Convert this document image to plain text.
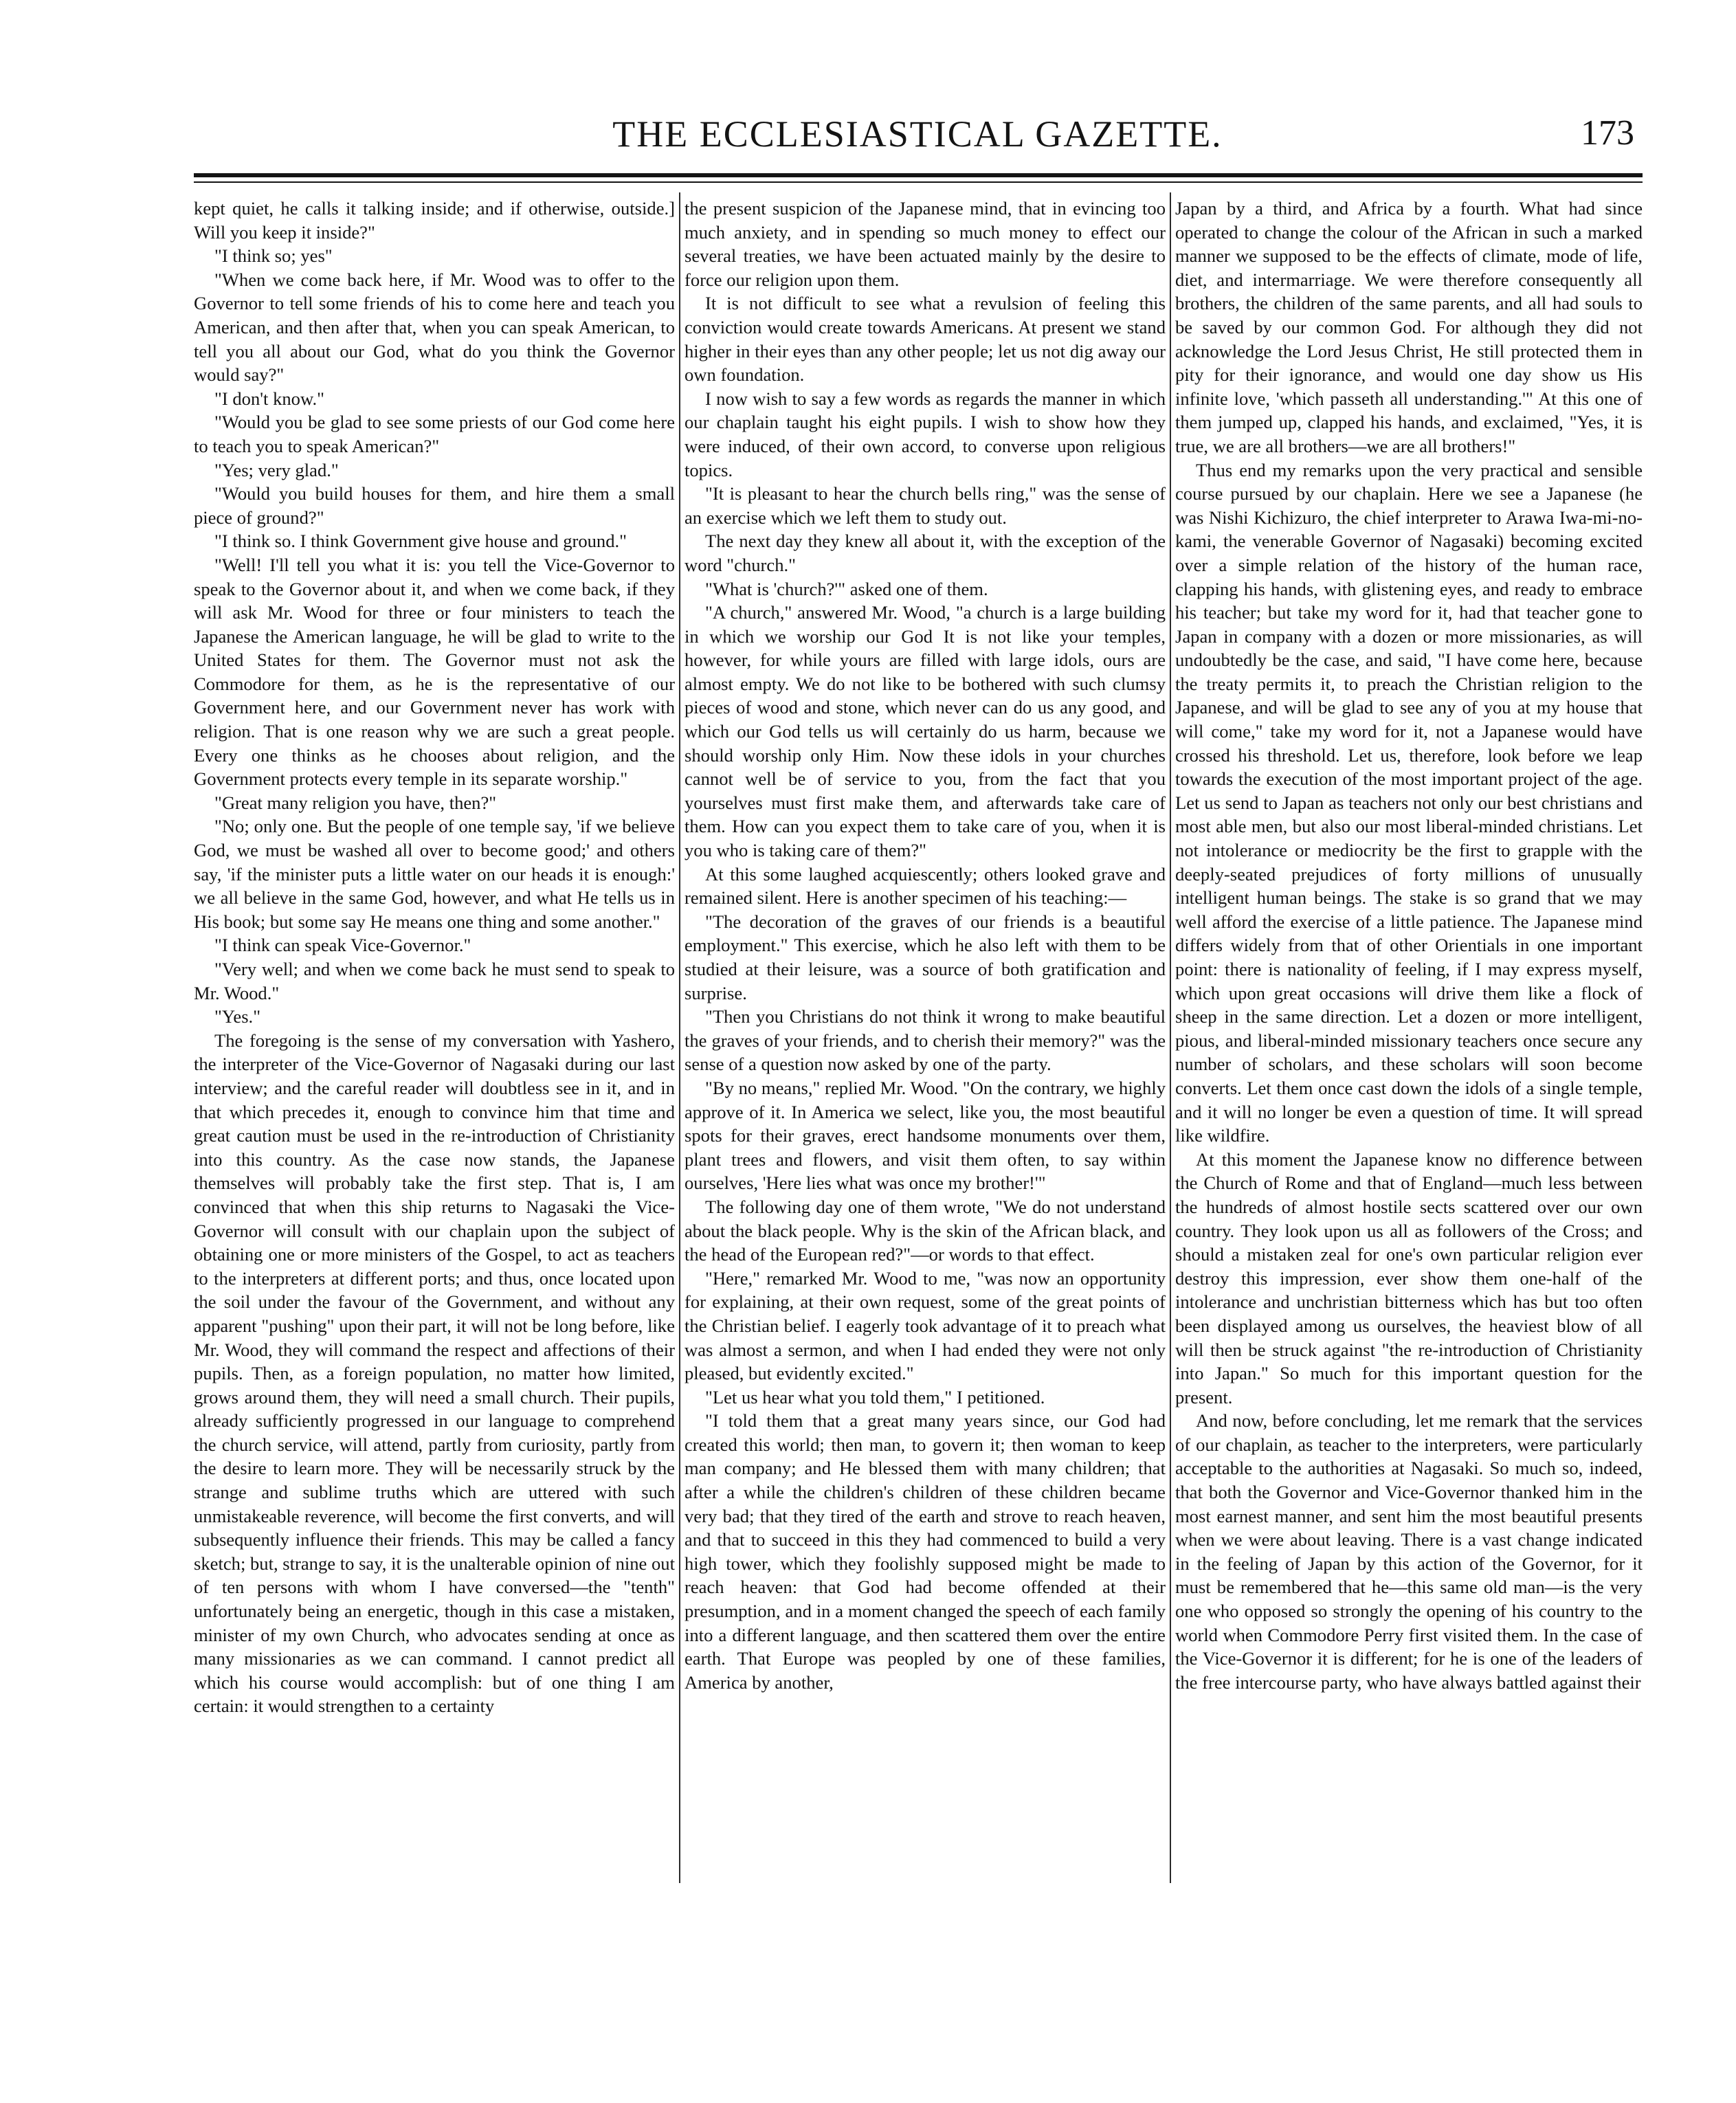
THE ECCLESIASTICAL GAZETTE.	173

kept quiet, he calls it talking inside; and if otherwise, outside.] Will you keep it inside?"

"I think so; yes"

"When we come back here, if Mr. Wood was to offer to the Governor to tell some friends of his to come here and teach you American, and then after that, when you can speak American, to tell you all about our God, what do you think the Governor would say?"

"I don't know."

"Would you be glad to see some priests of our God come here to teach you to speak American?"

"Yes; very glad."

"Would you build houses for them, and hire them a small piece of ground?"

"I think so. I think Government give house and ground."

"Well! I'll tell you what it is: you tell the Vice-Governor to speak to the Governor about it, and when we come back, if they will ask Mr. Wood for three or four ministers to teach the Japanese the American language, he will be glad to write to the United States for them. The Governor must not ask the Commodore for them, as he is the representative of our Government here, and our Government never has work with religion. That is one reason why we are such a great people. Every one thinks as he chooses about religion, and the Government protects every temple in its separate worship."

"Great many religion you have, then?"

"No; only one. But the people of one temple say, 'if we believe God, we must be washed all over to become good;' and others say, 'if the minister puts a little water on our heads it is enough:' we all believe in the same God, however, and what He tells us in His book; but some say He means one thing and some another."

"I think can speak Vice-Governor."

"Very well; and when we come back he must send to speak to Mr. Wood."

"Yes."

The foregoing is the sense of my conversation with Yashero, the interpreter of the Vice-Governor of Nagasaki during our last interview; and the careful reader will doubtless see in it, and in that which precedes it, enough to convince him that time and great caution must be used in the re-introduction of Christianity into this country. As the case now stands, the Japanese themselves will probably take the first step. That is, I am convinced that when this ship returns to Nagasaki the Vice-Governor will consult with our chaplain upon the subject of obtaining one or more ministers of the Gospel, to act as teachers to the interpreters at different ports; and thus, once located upon the soil under the favour of the Government, and without any apparent "pushing" upon their part, it will not be long before, like Mr. Wood, they will command the respect and affections of their pupils. Then, as a foreign population, no matter how limited, grows around them, they will need a small church. Their pupils, already sufficiently progressed in our language to comprehend the church service, will attend, partly from curiosity, partly from the desire to learn more. They will be necessarily struck by the strange and sublime truths which are uttered with such unmistakeable reverence, will become the first converts, and will subsequently influence their friends. This may be called a fancy sketch; but, strange to say, it is the unalterable opinion of nine out of ten persons with whom I have conversed—the "tenth" unfortunately being an energetic, though in this case a mistaken, minister of my own Church, who advocates sending at once as many missionaries as we can command. I cannot predict all which his course would accomplish: but of one thing I am certain: it would strengthen to a certainty

the present suspicion of the Japanese mind, that in evincing too much anxiety, and in spending so much money to effect our several treaties, we have been actuated mainly by the desire to force our religion upon them.

It is not difficult to see what a revulsion of feeling this conviction would create towards Americans. At present we stand higher in their eyes than any other people; let us not dig away our own foundation.

I now wish to say a few words as regards the manner in which our chaplain taught his eight pupils. I wish to show how they were induced, of their own accord, to converse upon religious topics.

"It is pleasant to hear the church bells ring," was the sense of an exercise which we left them to study out.

The next day they knew all about it, with the exception of the word "church."

"What is 'church?'" asked one of them.

"A church," answered Mr. Wood, "a church is a large building in which we worship our God It is not like your temples, however, for while yours are filled with large idols, ours are almost empty. We do not like to be bothered with such clumsy pieces of wood and stone, which never can do us any good, and which our God tells us will certainly do us harm, because we should worship only Him. Now these idols in your churches cannot well be of service to you, from the fact that you yourselves must first make them, and afterwards take care of them. How can you expect them to take care of you, when it is you who is taking care of them?"

At this some laughed acquiescently; others looked grave and remained silent. Here is another specimen of his teaching:—

"The decoration of the graves of our friends is a beautiful employment." This exercise, which he also left with them to be studied at their leisure, was a source of both gratification and surprise.

"Then you Christians do not think it wrong to make beautiful the graves of your friends, and to cherish their memory?" was the sense of a question now asked by one of the party.

"By no means," replied Mr. Wood. "On the contrary, we highly approve of it. In America we select, like you, the most beautiful spots for their graves, erect handsome monuments over them, plant trees and flowers, and visit them often, to say within ourselves, 'Here lies what was once my brother!'"

The following day one of them wrote, "We do not understand about the black people. Why is the skin of the African black, and the head of the European red?"—or words to that effect.

"Here," remarked Mr. Wood to me, "was now an opportunity for explaining, at their own request, some of the great points of the Christian belief. I eagerly took advantage of it to preach what was almost a sermon, and when I had ended they were not only pleased, but evidently excited."

"Let us hear what you told them," I petitioned.

"I told them that a great many years since, our God had created this world; then man, to govern it; then woman to keep man company; and He blessed them with many children; that after a while the children's children of these children became very bad; that they tired of the earth and strove to reach heaven, and that to succeed in this they had commenced to build a very high tower, which they foolishly supposed might be made to reach heaven: that God had become offended at their presumption, and in a moment changed the speech of each family into a different language, and then scattered them over the entire earth. That Europe was peopled by one of these families, America by another,

Japan by a third, and Africa by a fourth. What had since operated to change the colour of the African in such a marked manner we supposed to be the effects of climate, mode of life, diet, and intermarriage. We were therefore consequently all brothers, the children of the same parents, and all had souls to be saved by our common God. For although they did not acknowledge the Lord Jesus Christ, He still protected them in pity for their ignorance, and would one day show us His infinite love, 'which passeth all understanding.'" At this one of them jumped up, clapped his hands, and exclaimed, "Yes, it is true, we are all brothers—we are all brothers!"

Thus end my remarks upon the very practical and sensible course pursued by our chaplain. Here we see a Japanese (he was Nishi Kichizuro, the chief interpreter to Arawa Iwa-mi-no-kami, the venerable Governor of Nagasaki) becoming excited over a simple relation of the history of the human race, clapping his hands, with glistening eyes, and ready to embrace his teacher; but take my word for it, had that teacher gone to Japan in company with a dozen or more missionaries, as will undoubtedly be the case, and said, "I have come here, because the treaty permits it, to preach the Christian religion to the Japanese, and will be glad to see any of you at my house that will come," take my word for it, not a Japanese would have crossed his threshold. Let us, therefore, look before we leap towards the execution of the most important project of the age. Let us send to Japan as teachers not only our best christians and most able men, but also our most liberal-minded christians. Let not intolerance or mediocrity be the first to grapple with the deeply-seated prejudices of forty millions of unusually intelligent human beings. The stake is so grand that we may well afford the exercise of a little patience. The Japanese mind differs widely from that of other Orientials in one important point: there is nationality of feeling, if I may express myself, which upon great occasions will drive them like a flock of sheep in the same direction. Let a dozen or more intelligent, pious, and liberal-minded missionary teachers once secure any number of scholars, and these scholars will soon become converts. Let them once cast down the idols of a single temple, and it will no longer be even a question of time. It will spread like wildfire.

At this moment the Japanese know no difference between the Church of Rome and that of England—much less between the hundreds of almost hostile sects scattered over our own country. They look upon us all as followers of the Cross; and should a mistaken zeal for one's own particular religion ever destroy this impression, ever show them one-half of the intolerance and unchristian bitterness which has but too often been displayed among us ourselves, the heaviest blow of all will then be struck against "the re-introduction of Christianity into Japan." So much for this important question for the present.

And now, before concluding, let me remark that the services of our chaplain, as teacher to the interpreters, were particularly acceptable to the authorities at Nagasaki. So much so, indeed, that both the Governor and Vice-Governor thanked him in the most earnest manner, and sent him the most beautiful presents when we were about leaving. There is a vast change indicated in the feeling of Japan by this action of the Governor, for it must be remembered that he—this same old man—is the very one who opposed so strongly the opening of his country to the world when Commodore Perry first visited them. In the case of the Vice-Governor it is different; for he is one of the leaders of the free intercourse party, who have always battled against their
